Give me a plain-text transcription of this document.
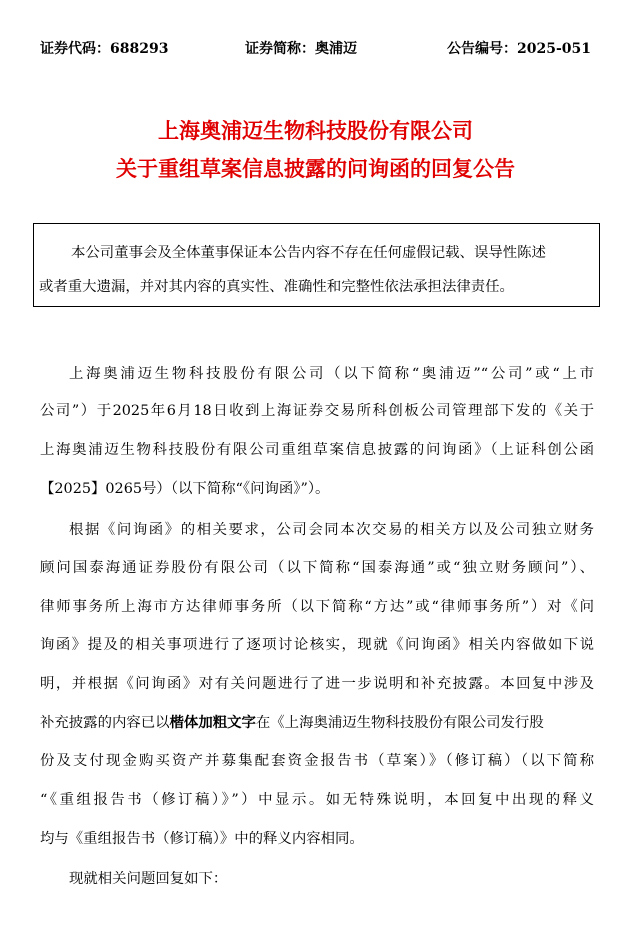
证券代码：688293	证券简称：奥浦迈	公告编号：2025-051
上海奥浦迈生物科技股份有限公司
关于重组草案信息披露的问询函的回复公告
本公司董事会及全体董事保证本公告内容不存在任何虚假记载、误导性陈述
或者重大遗漏，并对其内容的真实性、准确性和完整性依法承担法律责任。
上海奥浦迈生物科技股份有限公司（以下简称“奥浦迈”“公司”或“上市
公司”）于2025年6月18日收到上海证券交易所科创板公司管理部下发的《关于
上海奥浦迈生物科技股份有限公司重组草案信息披露的问询函》（上证科创公函
【2025】0265号）（以下简称“《问询函》”）。
根据《问询函》的相关要求，公司会同本次交易的相关方以及公司独立财务
顾问国泰海通证券股份有限公司（以下简称“国泰海通”或“独立财务顾问”）、
律师事务所上海市方达律师事务所（以下简称“方达”或“律师事务所”）对《问
询函》提及的相关事项进行了逐项讨论核实，现就《问询函》相关内容做如下说
明，并根据《问询函》对有关问题进行了进一步说明和补充披露。本回复中涉及
补充披露的内容已以楷体加粗文字在《上海奥浦迈生物科技股份有限公司发行股
份及支付现金购买资产并募集配套资金报告书（草案）》（修订稿）（以下简称
“《重组报告书（修订稿）》”）中显示。如无特殊说明，本回复中出现的释义
均与《重组报告书（修订稿）》中的释义内容相同。
现就相关问题回复如下：
